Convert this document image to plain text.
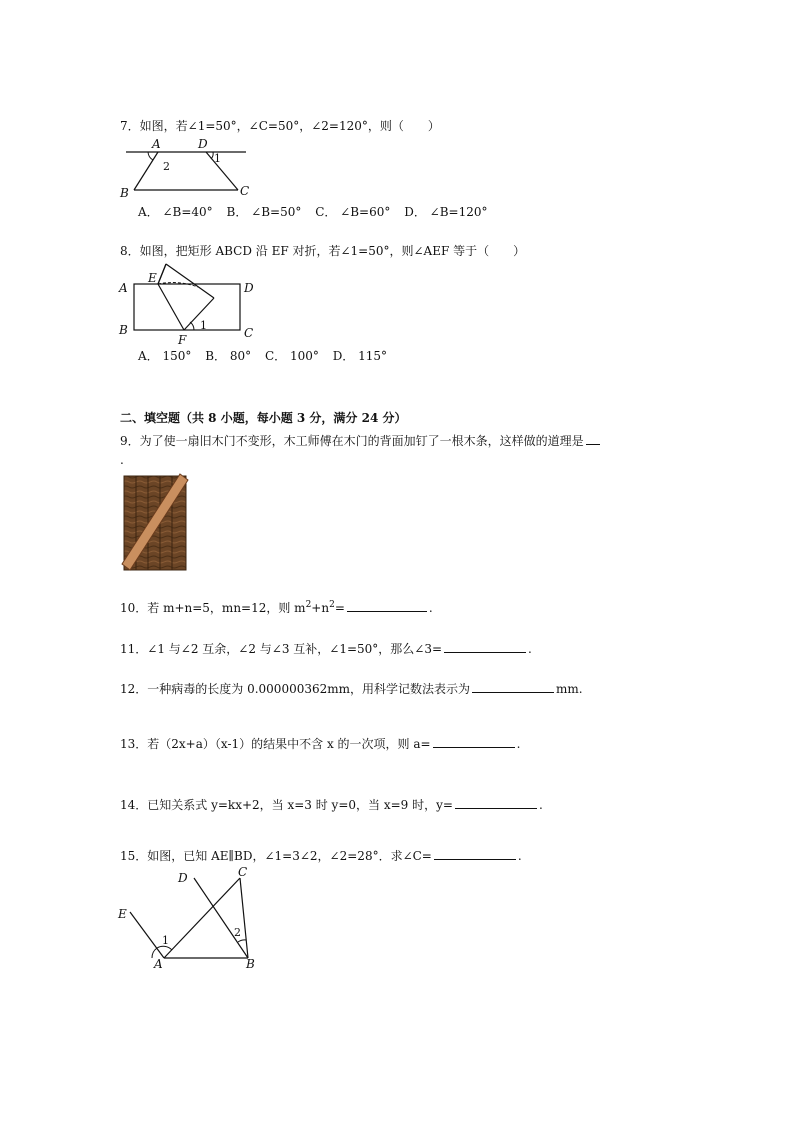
7．如图，若∠1=50°，∠C=50°，∠2=120°，则（　　）
A	D
B	C
1
2
A． ∠B=40° B． ∠B=50° C． ∠B=60° D． ∠B=120°
8．如图，把矩形 ABCD 沿 EF 对折，若∠1=50°，则∠AEF 等于（　　）
A	D
B	C
E
F
1
A． 150° B． 80° C． 100° D． 115°
二、填空题（共 8 小题，每小题 3 分，满分 24 分）
9．为了使一扇旧木门不变形，木工师傅在木门的背面加钉了一根木条，这样做的道理是
.
10．若 m+n=5，mn=12，则 $m^2+n^2=$	.
11．∠1 与∠2 互余，∠2 与∠3 互补，∠1=50°，那么∠3=	.
12．一种病毒的长度为 0.000000362mm，用科学记数法表示为	mm.
13．若（2x+a）（x-1）的结果中不含 x 的一次项，则 a=	.
14．已知关系式 y=kx+2，当 x=3 时 y=0，当 x=9 时，y=	.
15．如图，已知 AE∥BD，∠1=3∠2，∠2=28°．求∠C=	.
D	C
E
A	B
1
2
